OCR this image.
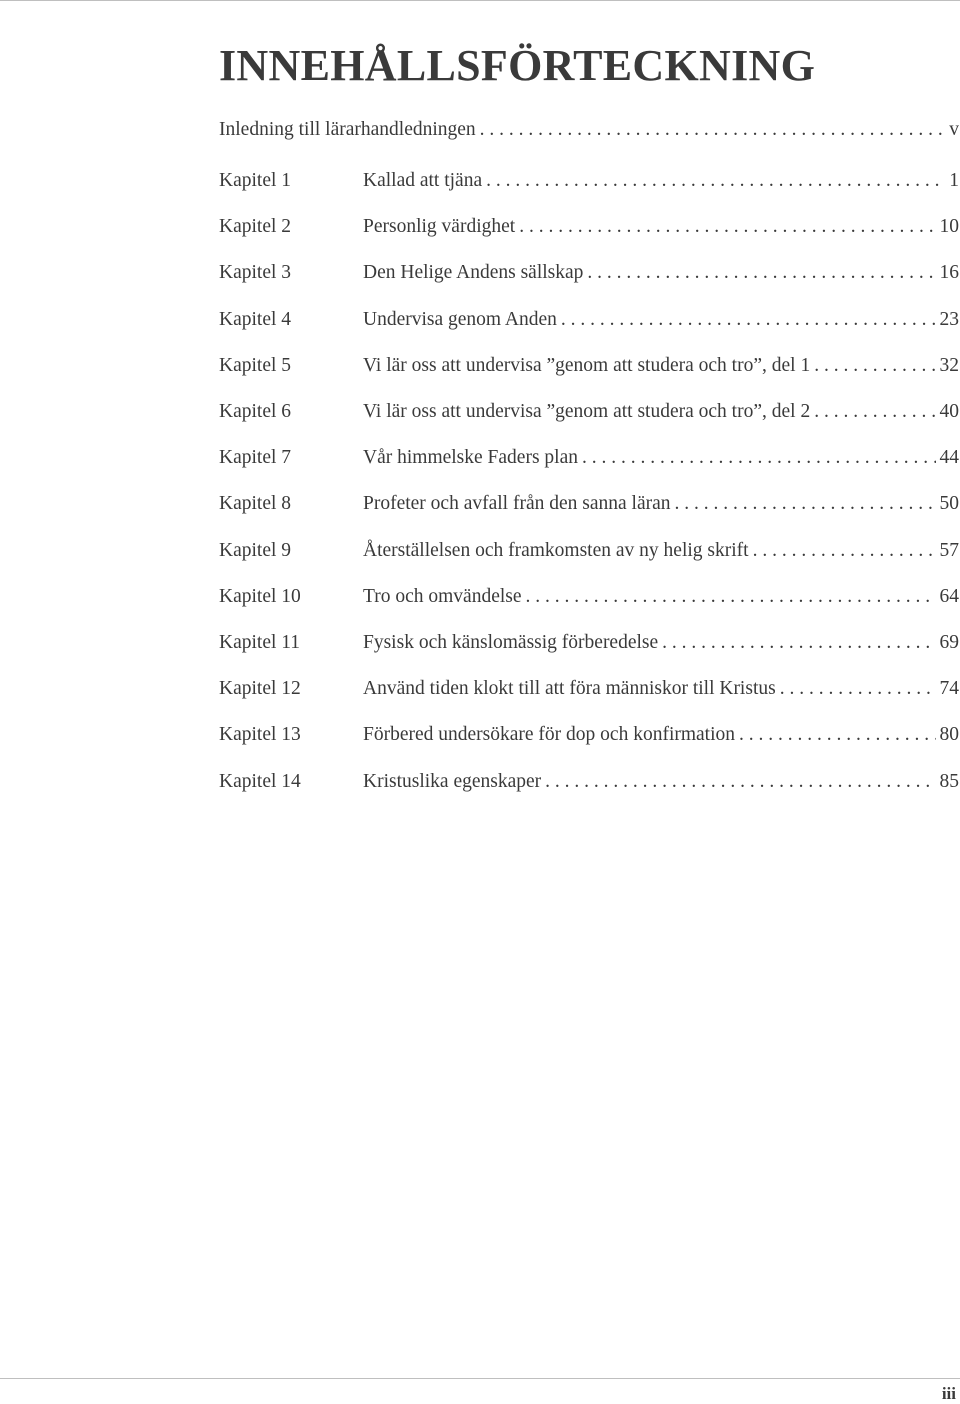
INNEHÅLLSFÖRTECKNING
Inledning till lärarhandledningen . . .	v
Kapitel 1	Kallad att tjäna . . .	1
Kapitel 2	Personlig värdighet . . .	10
Kapitel 3	Den Helige Andens sällskap . . .	16
Kapitel 4	Undervisa genom Anden . . .	23
Kapitel 5	Vi lär oss att undervisa ”genom att studera och tro”, del 1 . . .	32
Kapitel 6	Vi lär oss att undervisa ”genom att studera och tro”, del 2 . . .	40
Kapitel 7	Vår himmelske Faders plan . . .	44
Kapitel 8	Profeter och avfall från den sanna läran . . .	50
Kapitel 9	Återställelsen och framkomsten av ny helig skrift . . .	57
Kapitel 10	Tro och omvändelse . . .	64
Kapitel 11	Fysisk och känslomässig förberedelse . . .	69
Kapitel 12	Använd tiden klokt till att föra människor till Kristus . . .	74
Kapitel 13	Förbered undersökare för dop och konfirmation . . .	80
Kapitel 14	Kristuslika egenskaper . . .	85
iii
